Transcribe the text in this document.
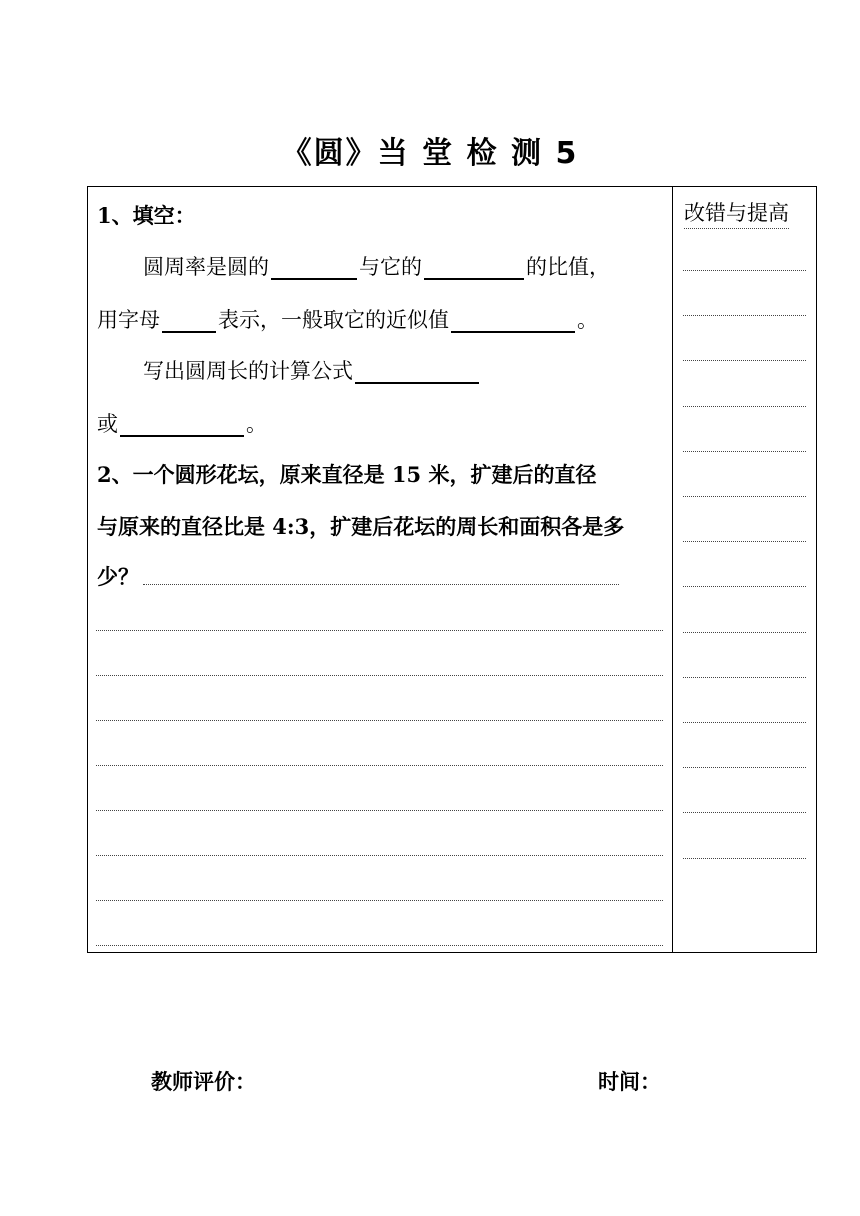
《圆》当 堂 检 测 5
改错与提高
1、填空：
圆周率是圆的	与它的	的比值，
用字母	表示，一般取它的近似值	。
写出圆周长的计算公式
或	。
2、一个圆形花坛，原来直径是 15 米，扩建后的直径
与原来的直径比是 4:3，扩建后花坛的周长和面积各是多
少？
教师评价：	时间：
